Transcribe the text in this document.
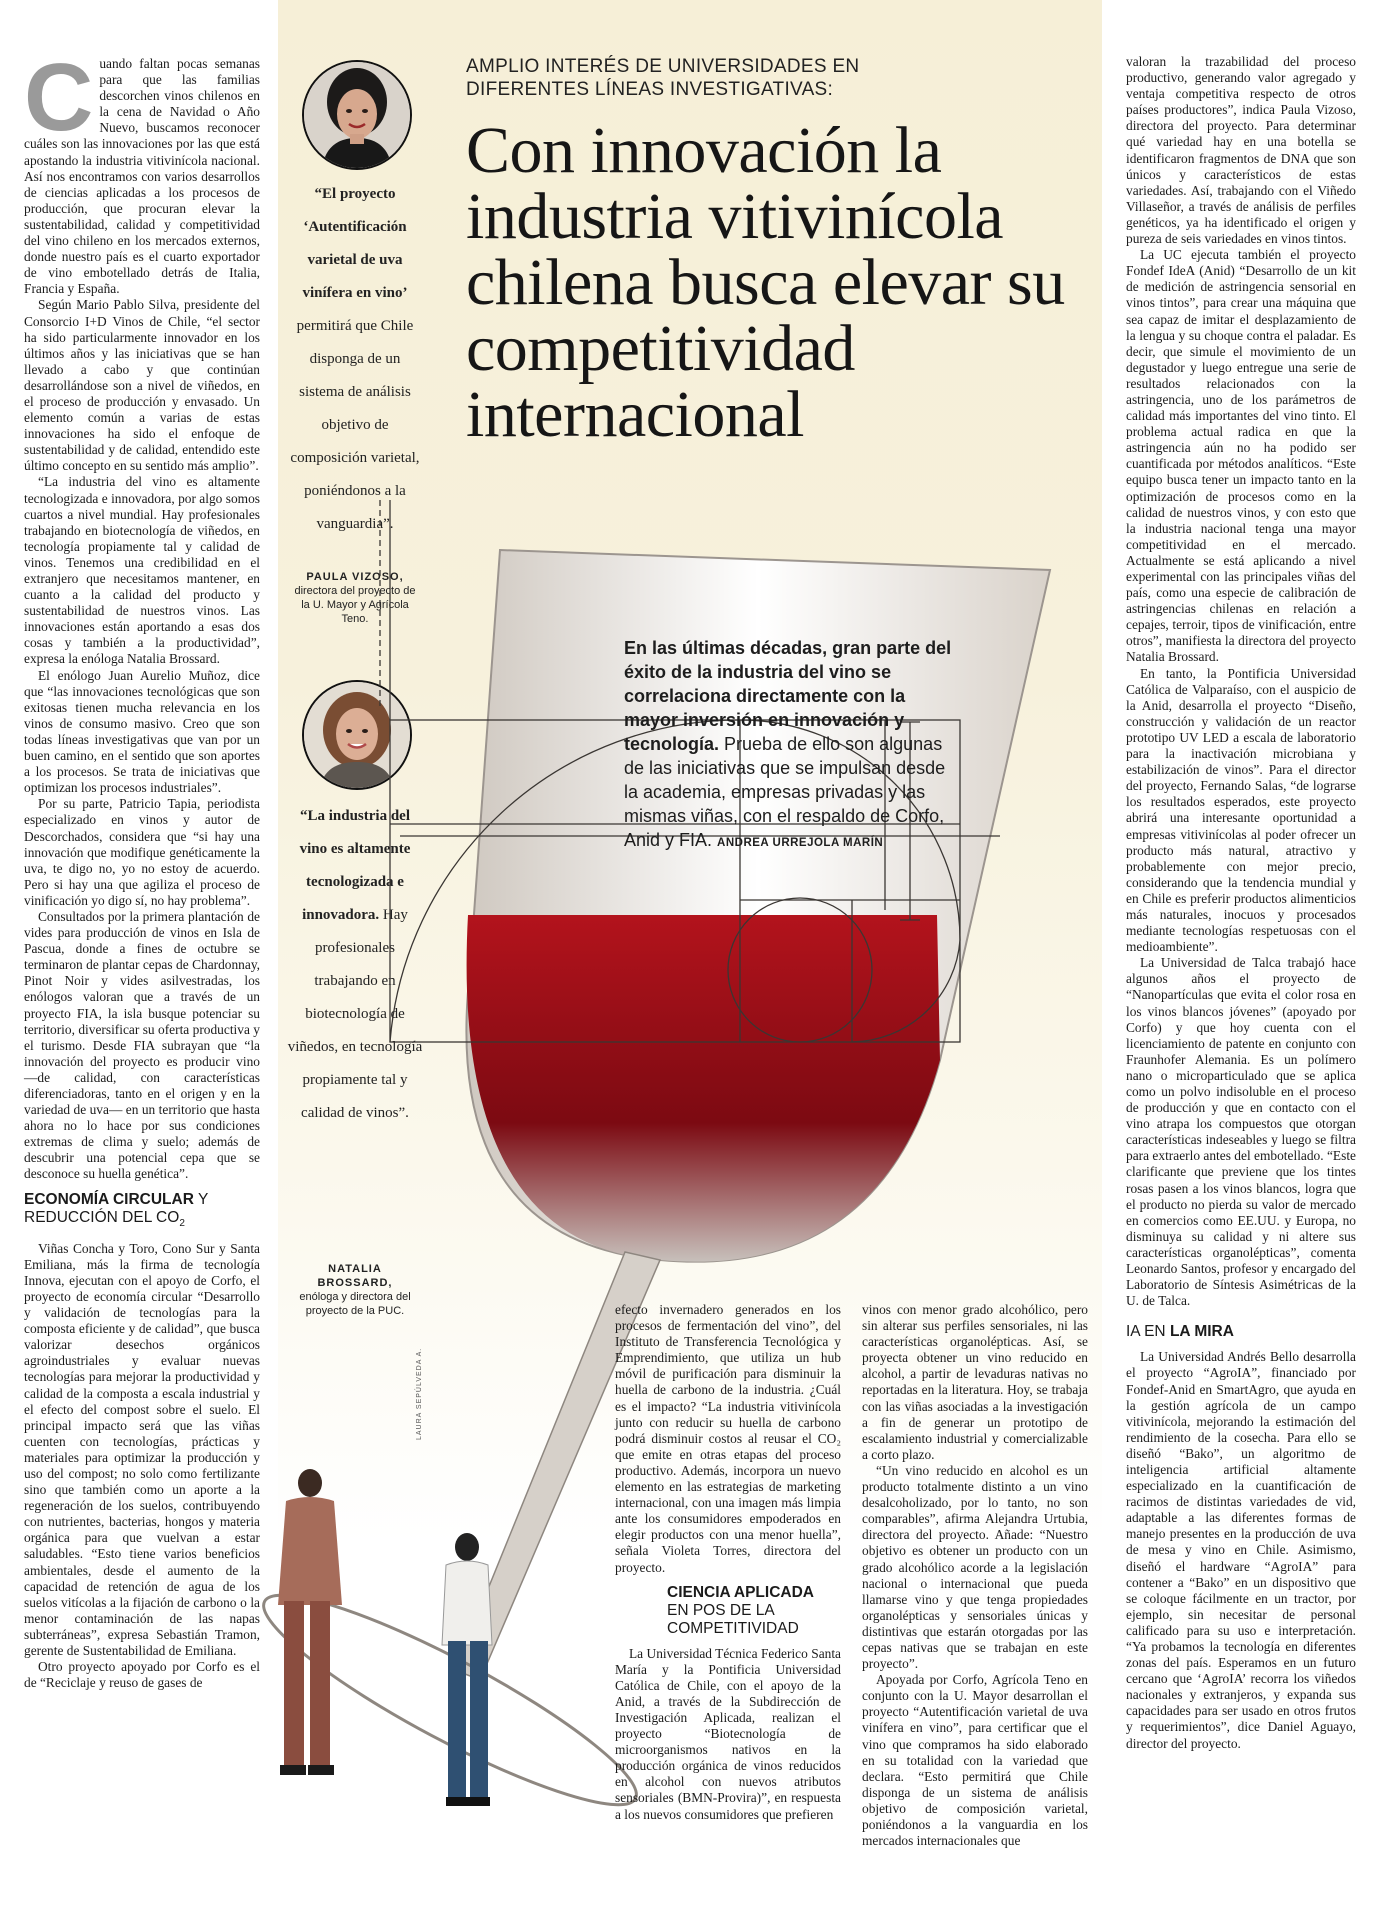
Cuando faltan pocas semanas para que las familias descorchen vinos chilenos en la cena de Navidad o Año Nuevo, buscamos reconocer cuáles son las innovaciones por las que está apostando la industria vitivinícola nacional. Así nos encontramos con varios desarrollos de ciencias aplicadas a los procesos de producción, que procuran elevar la sustentabilidad, calidad y competitividad del vino chileno en los mercados externos, donde nuestro país es el cuarto exportador de vino embotellado detrás de Italia, Francia y España.

Según Mario Pablo Silva, presidente del Consorcio I+D Vinos de Chile, “el sector ha sido particularmente innovador en los últimos años y las iniciativas que se han llevado a cabo y que continúan desarrollándose son a nivel de viñedos, en el proceso de producción y envasado. Un elemento común a varias de estas innovaciones ha sido el enfoque de sustentabilidad y de calidad, entendido este último concepto en su sentido más amplio”.

“La industria del vino es altamente tecnologizada e innovadora, por algo somos cuartos a nivel mundial. Hay profesionales trabajando en biotecnología de viñedos, en tecnología propiamente tal y calidad de vinos. Tenemos una credibilidad en el extranjero que necesitamos mantener, en cuanto a la calidad del producto y sustentabilidad de nuestros vinos. Las innovaciones están aportando a esas dos cosas y también a la productividad”, expresa la enóloga Natalia Brossard.

El enólogo Juan Aurelio Muñoz, dice que “las innovaciones tecnológicas que son exitosas tienen mucha relevancia en los vinos de consumo masivo. Creo que son todas líneas investigativas que van por un buen camino, en el sentido que son aportes a los procesos. Se trata de iniciativas que optimizan los procesos industriales”.

Por su parte, Patricio Tapia, periodista especializado en vinos y autor de Descorchados, considera que “si hay una innovación que modifique genéticamente la uva, te digo no, yo no estoy de acuerdo. Pero si hay una que agiliza el proceso de vinificación yo digo sí, no hay problema”.

Consultados por la primera plantación de vides para producción de vinos en Isla de Pascua, donde a fines de octubre se terminaron de plantar cepas de Chardonnay, Pinot Noir y vides asilvestradas, los enólogos valoran que a través de un proyecto FIA, la isla busque potenciar su territorio, diversificar su oferta productiva y el turismo. Desde FIA subrayan que “la innovación del proyecto es producir vino —de calidad, con características diferenciadoras, tanto en el origen y en la variedad de uva— en un territorio que hasta ahora no lo hace por sus condiciones extremas de clima y suelo; además de descubrir una potencial cepa que se desconoce su huella genética”.

ECONOMÍA CIRCULAR Y
REDUCCIÓN DEL $CO_2$

Viñas Concha y Toro, Cono Sur y Santa Emiliana, más la firma de tecnología Innova, ejecutan con el apoyo de Corfo, el proyecto de economía circular “Desarrollo y validación de tecnologías para la composta eficiente y de calidad”, que busca valorizar desechos orgánicos agroindustriales y evaluar nuevas tecnologías para mejorar la productividad y calidad de la composta a escala industrial y el efecto del compost sobre el suelo. El principal impacto será que las viñas cuenten con tecnologías, prácticas y materiales para optimizar la producción y uso del compost; no solo como fertilizante sino que también como un aporte a la regeneración de los suelos, contribuyendo con nutrientes, bacterias, hongos y materia orgánica para que vuelvan a estar saludables. “Esto tiene varios beneficios ambientales, desde el aumento de la capacidad de retención de agua de los suelos vitícolas a la fijación de carbono o la menor contaminación de las napas subterráneas”, expresa Sebastián Tramon, gerente de Sustentabilidad de Emiliana.

Otro proyecto apoyado por Corfo es el de “Reciclaje y reuso de gases de

“El proyecto ‘Autentificación varietal de uva vinífera en vino’ permitirá que Chile disponga de un sistema de análisis objetivo de composición varietal, poniéndonos a la vanguardia”.
PAULA VIZOSO,
directora del proyecto de la U. Mayor y Agrícola Teno.
“La industria del vino es altamente tecnologizada e innovadora. Hay profesionales trabajando en biotecnología de viñedos, en tecnología propiamente tal y calidad de vinos”.
NATALIA BROSSARD,
enóloga y directora del proyecto de la PUC.
AMPLIO INTERÉS DE UNIVERSIDADES EN DIFERENTES LÍNEAS INVESTIGATIVAS:
Con innovación la industria vitivinícola chilena busca elevar su competitividad internacional
En las últimas décadas, gran parte del éxito de la industria del vino se correlaciona directamente con la mayor inversión en innovación y tecnología. Prueba de ello son algunas de las iniciativas que se impulsan desde la academia, empresas privadas y las mismas viñas, con el respaldo de Corfo, Anid y FIA. ANDREA URREJOLA MARÍN
LAURA SEPÚLVEDA A.

efecto invernadero generados en los procesos de fermentación del vino”, del Instituto de Transferencia Tecnológica y Emprendimiento, que utiliza un hub móvil de purificación para disminuir la huella de carbono de la industria. ¿Cuál es el impacto? “La industria vitivinícola junto con reducir su huella de carbono podrá disminuir costos al reusar el CO₂ que emite en otras etapas del proceso productivo. Además, incorpora un nuevo elemento en las estrategias de marketing internacional, con una imagen más limpia ante los consumidores empoderados en elegir productos con una menor huella”, señala Violeta Torres, directora del proyecto.

CIENCIA APLICADA
EN POS DE LA
COMPETITIVIDAD

La Universidad Técnica Federico Santa María y la Pontificia Universidad Católica de Chile, con el apoyo de la Anid, a través de la Subdirección de Investigación Aplicada, realizan el proyecto “Biotecnología de microorganismos nativos en la producción orgánica de vinos reducidos en alcohol con nuevos atributos sensoriales (BMN-Provira)”, en respuesta a los nuevos consumidores que prefieren

vinos con menor grado alcohólico, pero sin alterar sus perfiles sensoriales, ni las características organolépticas. Así, se proyecta obtener un vino reducido en alcohol, a partir de levaduras nativas no reportadas en la literatura. Hoy, se trabaja con las viñas asociadas a la investigación a fin de generar un prototipo de escalamiento industrial y comercializable a corto plazo.

“Un vino reducido en alcohol es un producto totalmente distinto a un vino desalcoholizado, por lo tanto, no son comparables”, afirma Alejandra Urtubia, directora del proyecto. Añade: “Nuestro objetivo es obtener un producto con un grado alcohólico acorde a la legislación nacional o internacional que pueda llamarse vino y que tenga propiedades organolépticas y sensoriales únicas y distintivas que estarán otorgadas por las cepas nativas que se trabajan en este proyecto”.

Apoyada por Corfo, Agrícola Teno en conjunto con la U. Mayor desarrollan el proyecto “Autentificación varietal de uva vinífera en vino”, para certificar que el vino que compramos ha sido elaborado en su totalidad con la variedad que declara. “Esto permitirá que Chile disponga de un sistema de análisis objetivo de composición varietal, poniéndonos a la vanguardia en los mercados internacionales que

valoran la trazabilidad del proceso productivo, generando valor agregado y ventaja competitiva respecto de otros países productores”, indica Paula Vizoso, directora del proyecto. Para determinar qué variedad hay en una botella se identificaron fragmentos de DNA que son únicos y característicos de estas variedades. Así, trabajando con el Viñedo Villaseñor, a través de análisis de perfiles genéticos, ya ha identificado el origen y pureza de seis variedades en vinos tintos.

La UC ejecuta también el proyecto Fondef IdeA (Anid) “Desarrollo de un kit de medición de astringencia sensorial en vinos tintos”, para crear una máquina que sea capaz de imitar el desplazamiento de la lengua y su choque contra el paladar. Es decir, que simule el movimiento de un degustador y luego entregue una serie de resultados relacionados con la astringencia, uno de los parámetros de calidad más importantes del vino tinto. El problema actual radica en que la astringencia aún no ha podido ser cuantificada por métodos analíticos. “Este equipo busca tener un impacto tanto en la optimización de procesos como en la calidad de nuestros vinos, y con esto que la industria nacional tenga una mayor competitividad en el mercado. Actualmente se está aplicando a nivel experimental con las principales viñas del país, como una especie de calibración de astringencias chilenas en relación a cepajes, terroir, tipos de vinificación, entre otros”, manifiesta la directora del proyecto Natalia Brossard.

En tanto, la Pontificia Universidad Católica de Valparaíso, con el auspicio de la Anid, desarrolla el proyecto “Diseño, construcción y validación de un reactor prototipo UV LED a escala de laboratorio para la inactivación microbiana y estabilización de vinos”. Para el director del proyecto, Fernando Salas, “de lograrse los resultados esperados, este proyecto abrirá una interesante oportunidad a empresas vitivinícolas al poder ofrecer un producto más natural, atractivo y probablemente con mejor precio, considerando que la tendencia mundial y en Chile es preferir productos alimenticios más naturales, inocuos y procesados mediante tecnologías respetuosas con el medioambiente”.

La Universidad de Talca trabajó hace algunos años el proyecto de “Nanopartículas que evita el color rosa en los vinos blancos jóvenes” (apoyado por Corfo) y que hoy cuenta con el licenciamiento de patente en conjunto con Fraunhofer Alemania. Es un polímero nano o microparticulado que se aplica como un polvo indisoluble en el proceso de producción y que en contacto con el vino atrapa los compuestos que otorgan características indeseables y luego se filtra para extraerlo antes del embotellado. “Este clarificante que previene que los tintes rosas pasen a los vinos blancos, logra que el producto no pierda su valor de mercado en comercios como EE.UU. y Europa, no disminuya su calidad y ni altere sus características organolépticas”, comenta Leonardo Santos, profesor y encargado del Laboratorio de Síntesis Asimétricas de la U. de Talca.

IA EN LA MIRA

La Universidad Andrés Bello desarrolla el proyecto “AgroIA”, financiado por Fondef-Anid en SmartAgro, que ayuda en la gestión agrícola de un campo vitivinícola, mejorando la estimación del rendimiento de la cosecha. Para ello se diseñó “Bako”, un algoritmo de inteligencia artificial altamente especializado en la cuantificación de racimos de distintas variedades de vid, adaptable a las diferentes formas de manejo presentes en la producción de uva de mesa y vino en Chile. Asimismo, diseñó el hardware “AgroIA” para contener a “Bako” en un dispositivo que se coloque fácilmente en un tractor, por ejemplo, sin necesitar de personal calificado para su uso e interpretación. “Ya probamos la tecnología en diferentes zonas del país. Esperamos en un futuro cercano que ‘AgroIA’ recorra los viñedos nacionales y extranjeros, y expanda sus capacidades para ser usado en otros frutos y requerimientos”, dice Daniel Aguayo, director del proyecto.
